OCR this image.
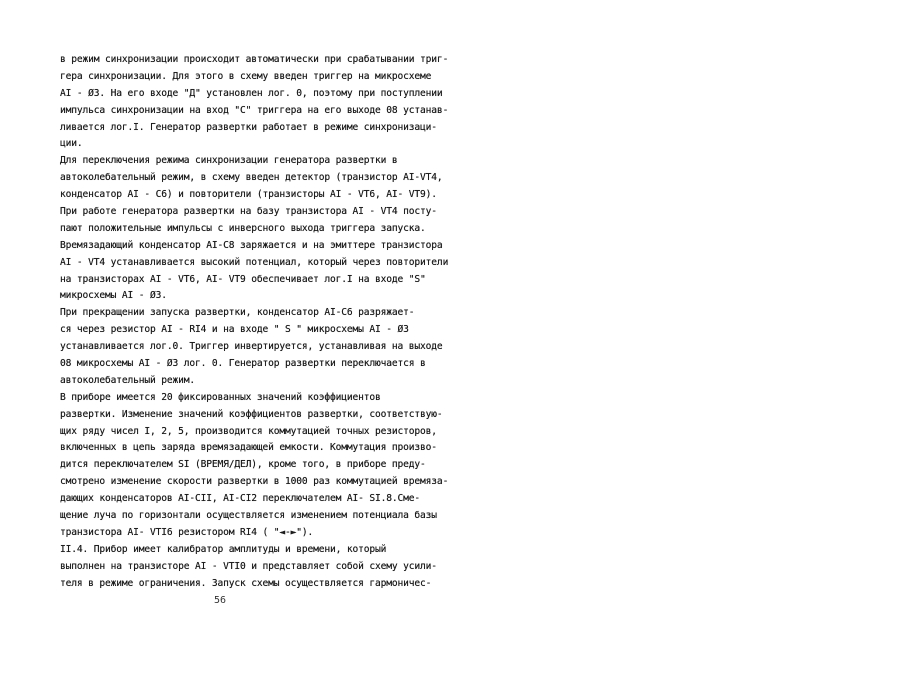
в режим синхронизации происходит автоматически при срабатывании триг-
гера синхронизации. Для этого в схему введен триггер на микросхеме
AI - Ø3. На его входе "Д" установлен лог. 0, поэтому при поступлении
импульса синхронизации на вход "С" триггера на его выходе 08 устанав-
ливается лог.I. Генератор развертки работает в режиме синхронизаци-
ции.
Для переключения режима синхронизации генератора развертки в
автоколебательный режим, в схему введен детектор (транзистор AI-VT4,
конденсатор AI - С6) и повторители (транзисторы AI - VT6, AI- VT9).
При работе генератора развертки на базу транзистора AI - VT4 посту-
пают положительные импульсы с инверсного выхода триггера запуска.
Времязадающий конденсатор AI-С8 заряжается и на эмиттере транзистора
AI - VT4 устанавливается высокий потенциал, который через повторители
на транзисторах AI - VT6, AI- VT9 обеспечивает лог.I на входе "S"
микросхемы AI - Ø3.
При прекращении запуска развертки, конденсатор AI-С6 разряжает-
ся через резистор AI - RI4 и на входе " S " микросхемы AI - Ø3
устанавливается лог.0. Триггер инвертируется, устанавливая на выходе
08 микросхемы AI - Ø3 лог. 0. Генератор развертки переключается в
автоколебательный режим.
В приборе имеется 20 фиксированных значений коэффициентов
развертки. Изменение значений коэффициентов развертки, соответствую-
щих ряду чисел I, 2, 5, производится коммутацией точных резисторов,
включенных в цепь заряда времязадающей емкости. Коммутация произво-
дится переключателем SI (ВРЕМЯ/ДЕЛ), кроме того, в приборе преду-
смотрено изменение скорости развертки в 1000 раз коммутацией времяза-
дающих конденсаторов AI-СII, AI-СI2 переключателем AI- SI.8.Сме-
щение луча по горизонтали осуществляется изменением потенциала базы
транзистора AI- VTI6 резистором RI4 ( "◄-►").
II.4. Прибор имеет калибратор амплитуды и времени, который
выполнен на транзисторе AI - VTI0 и представляет собой схему усили-
теля в режиме ограничения. Запуск схемы осуществляется гармоничес-
56
